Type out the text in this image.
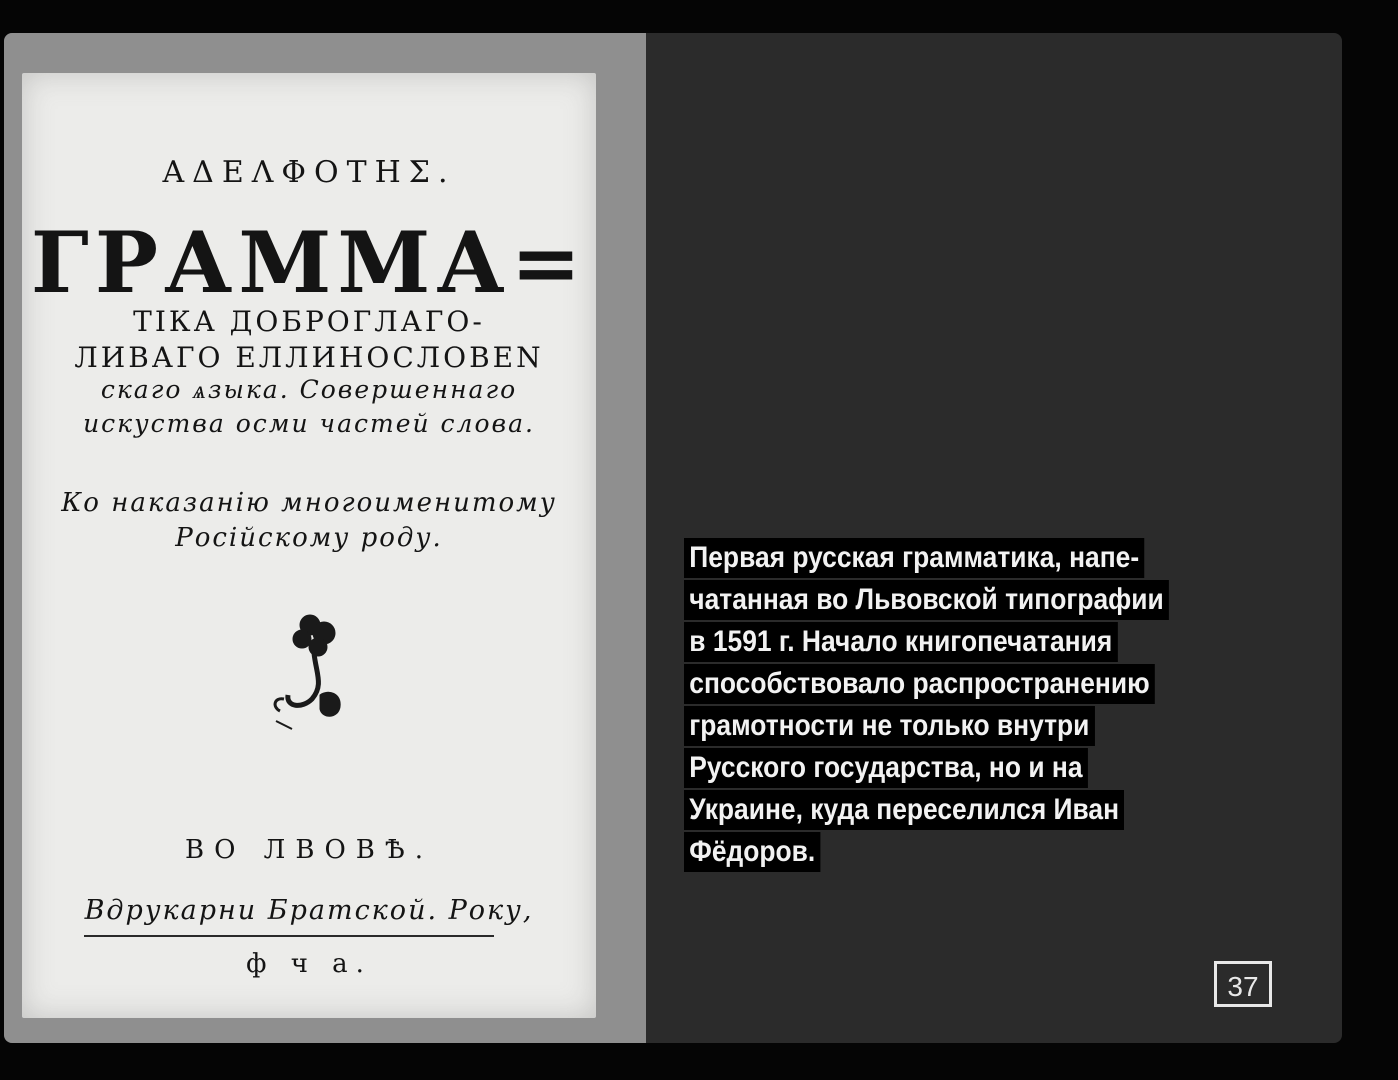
ΑΔΕΛΦΟΤΗΣ.
ГРАММА=
ТІКА ДОБРОГЛАГО-
ЛИВАГО ЕЛЛИНОСЛОВЕN
скаго ѧзыка. Совершеннаго
искуства осми частей слова.
Ко наказанію многоименитому
Російскому роду.
ВО ЛВОВѢ.
Вдрукарни Братской. Року,
ф ч а.
Первая русская грамматика, напе-
чатанная во Львовской типографии
в 1591 г. Начало книгопечатания
способствовало распространению
грамотности не только внутри
Русского государства, но и на
Украине, куда переселился Иван
Фёдоров.
37
